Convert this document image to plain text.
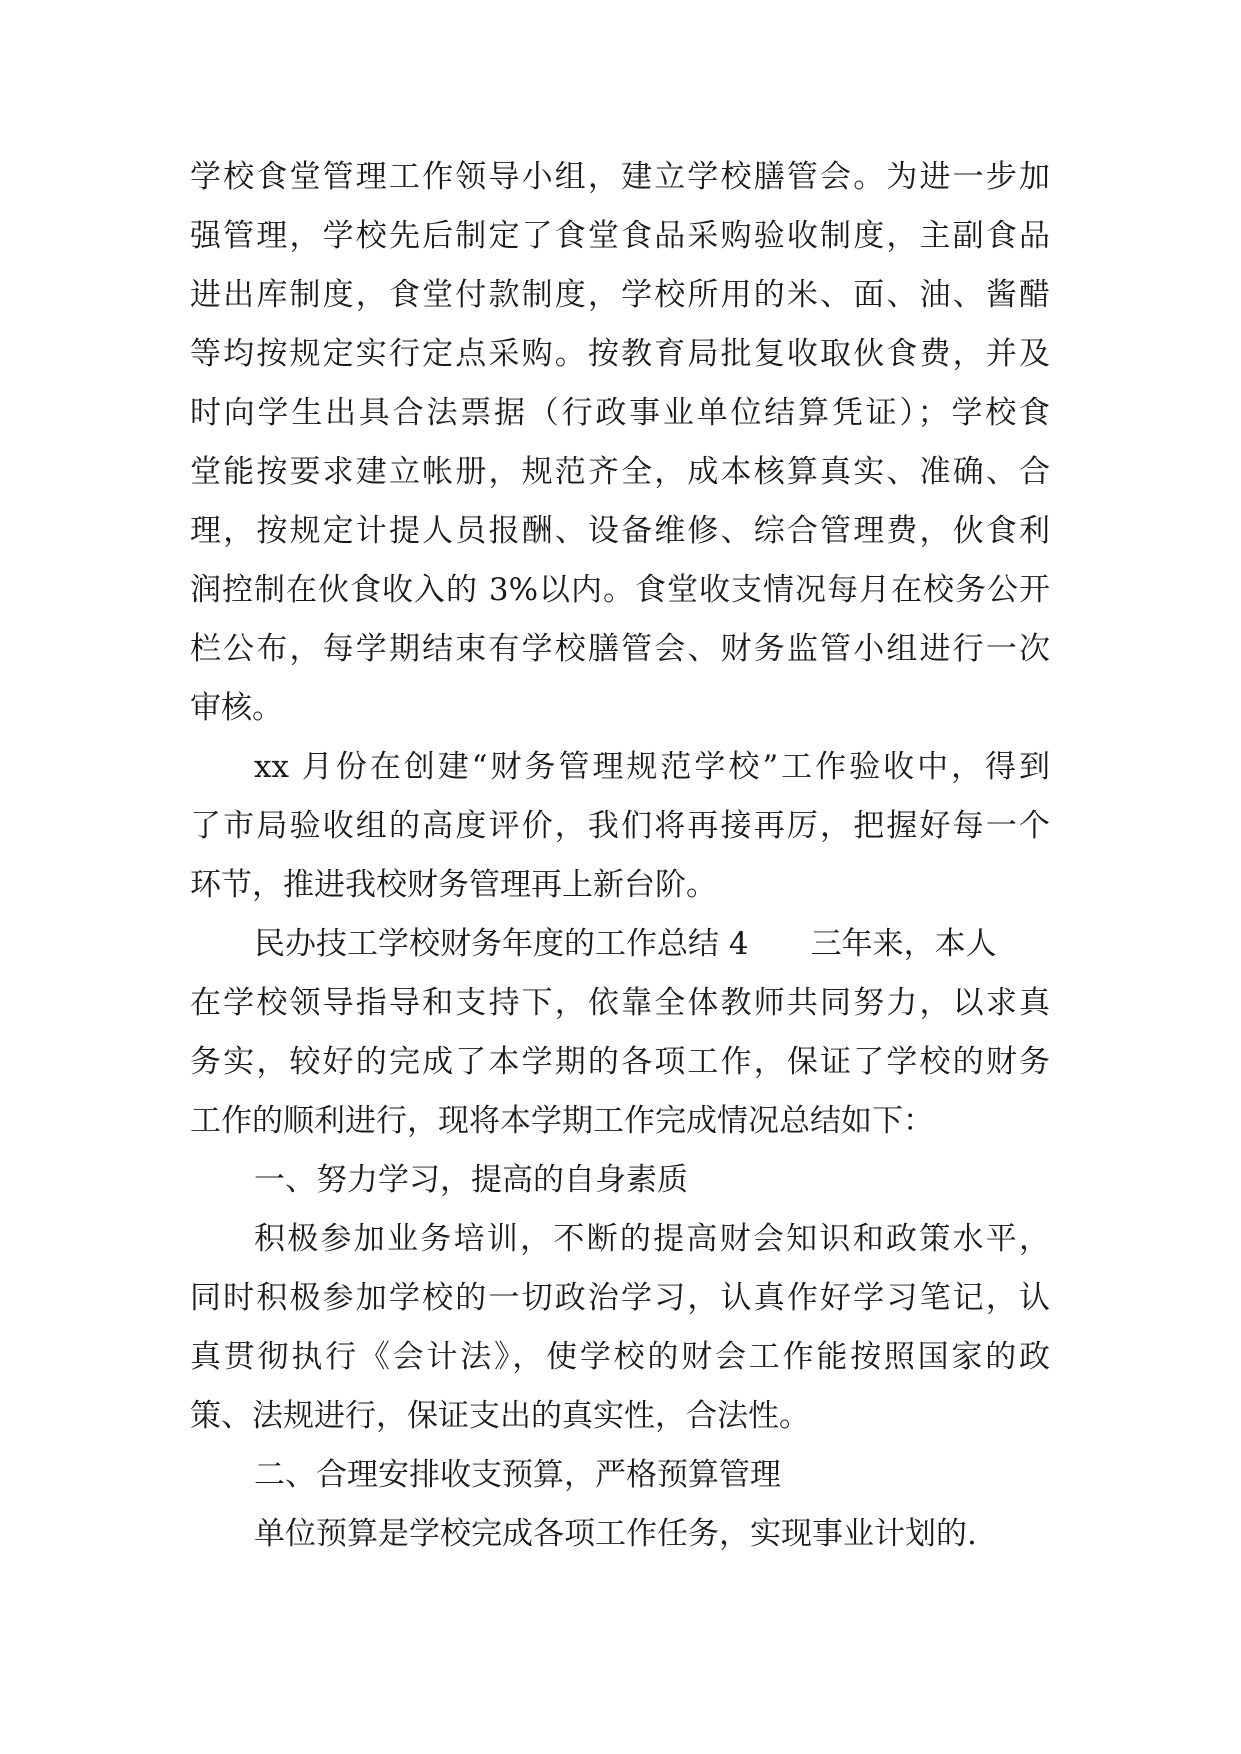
学校食堂管理工作领导小组，建立学校膳管会。为进一步加
强管理，学校先后制定了食堂食品采购验收制度，主副食品
进出库制度，食堂付款制度，学校所用的米、面、油、酱醋
等均按规定实行定点采购。按教育局批复收取伙食费，并及
时向学生出具合法票据（行政事业单位结算凭证）；学校食
堂能按要求建立帐册，规范齐全，成本核算真实、准确、合
理，按规定计提人员报酬、设备维修、综合管理费，伙食利
润控制在伙食收入的 3%以内。食堂收支情况每月在校务公开
栏公布，每学期结束有学校膳管会、财务监管小组进行一次
审核。
xx 月份在创建“财务管理规范学校”工作验收中，得到
了市局验收组的高度评价，我们将再接再厉，把握好每一个
环节，推进我校财务管理再上新台阶。
民办技工学校财务年度的工作总结 4 三年来，本人
在学校领导指导和支持下，依靠全体教师共同努力，以求真
务实，较好的完成了本学期的各项工作，保证了学校的财务
工作的顺利进行，现将本学期工作完成情况总结如下：
一、努力学习，提高的自身素质
积极参加业务培训，不断的提高财会知识和政策水平，
同时积极参加学校的一切政治学习，认真作好学习笔记，认
真贯彻执行《会计法》，使学校的财会工作能按照国家的政
策、法规进行，保证支出的真实性，合法性。
二、合理安排收支预算，严格预算管理
单位预算是学校完成各项工作任务，实现事业计划的.
